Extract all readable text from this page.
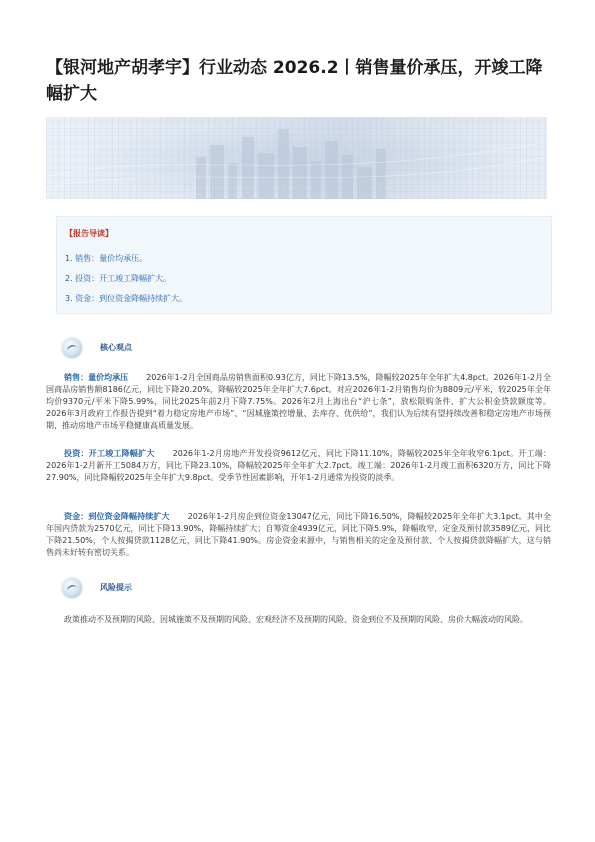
【银河地产胡孝宇】行业动态 2026.2丨销售量价承压，开竣工降幅扩大
【报告导读】
1. 销售：量价均承压。
2. 投资：开工竣工降幅扩大。
3. 资金：到位资金降幅持续扩大。
核心观点

销售：量价均承压 2026年1-2月全国商品房销售面积0.93亿方，同比下降13.5%，降幅较2025年全年扩大4.8pct。2026年1-2月全国商品房销售额8186亿元，同比下降20.20%，降幅较2025年全年扩大7.6pct。对应2026年1-2月销售均价为8809元/平米，较2025年全年均价9370元/平米下降5.99%，同比2025年前2月下降7.75%。2026年2月上海出台“沪七条”，放松限购条件、扩大公积金贷款额度等。2026年3月政府工作报告提到“着力稳定房地产市场”、“因城施策控增量、去库存、优供给”，我们认为后续有望持续改善和稳定房地产市场预期，推动房地产市场平稳健康高质量发展。

投资：开工竣工降幅扩大 2026年1-2月房地产开发投资9612亿元，同比下降11.10%，降幅较2025年全年收窄6.1pct。开工端：2026年1-2月新开工5084万方，同比下降23.10%，降幅较2025年全年扩大2.7pct。竣工端：2026年1-2月竣工面积6320万方，同比下降27.90%，同比降幅较2025年全年扩大9.8pct。受季节性因素影响，开年1-2月通常为投资的淡季。

资金：到位资金降幅持续扩大 2026年1-2月房企到位资金13047亿元，同比下降16.50%，降幅较2025年全年扩大3.1pct。其中全年国内贷款为2570亿元，同比下降13.90%，降幅持续扩大；自筹资金4939亿元，同比下降5.9%，降幅收窄，定金及预付款3589亿元，同比下降21.50%，个人按揭贷款1128亿元，同比下降41.90%。房企资金来源中，与销售相关的定金及预付款、个人按揭贷款降幅扩大，这与销售尚未好转有密切关系。

风险提示

政策推动不及预期的风险、因城施策不及预期的风险、宏观经济不及预期的风险、资金到位不及预期的风险、房价大幅波动的风险。
